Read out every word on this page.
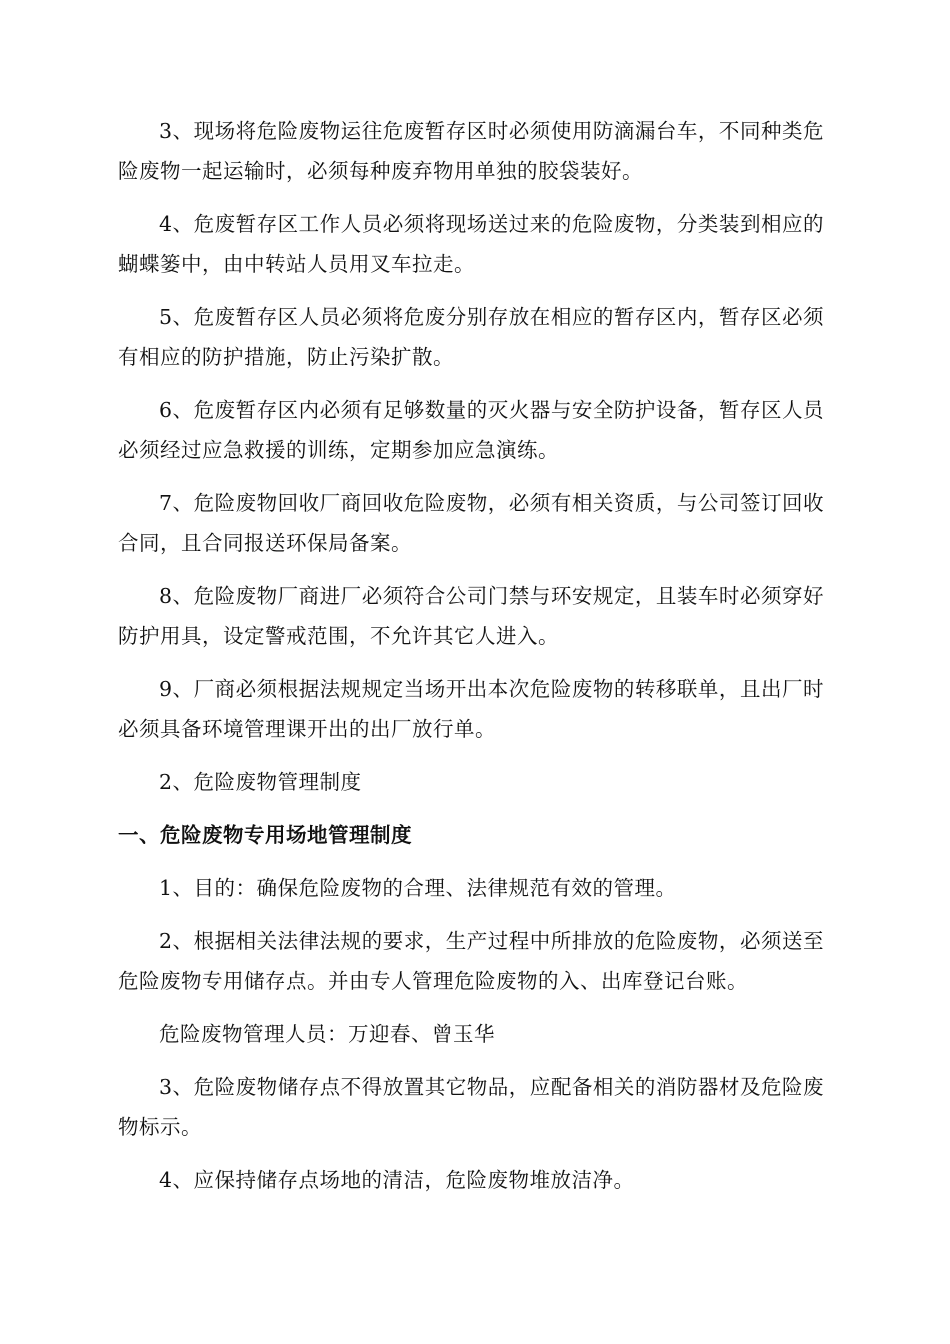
3、现场将危险废物运往危废暂存区时必须使用防滴漏台车，不同种类危险废物一起运输时，必须每种废弃物用单独的胶袋装好。

4、危废暂存区工作人员必须将现场送过来的危险废物，分类装到相应的蝴蝶篓中，由中转站人员用叉车拉走。

5、危废暂存区人员必须将危废分别存放在相应的暂存区内，暂存区必须有相应的防护措施，防止污染扩散。

6、危废暂存区内必须有足够数量的灭火器与安全防护设备，暂存区人员必须经过应急救援的训练，定期参加应急演练。

7、危险废物回收厂商回收危险废物，必须有相关资质，与公司签订回收合同，且合同报送环保局备案。

8、危险废物厂商进厂必须符合公司门禁与环安规定，且装车时必须穿好防护用具，设定警戒范围，不允许其它人进入。

9、厂商必须根据法规规定当场开出本次危险废物的转移联单，且出厂时必须具备环境管理课开出的出厂放行单。

2、危险废物管理制度

一、危险废物专用场地管理制度

1、目的：确保危险废物的合理、法律规范有效的管理。

2、根据相关法律法规的要求，生产过程中所排放的危险废物，必须送至危险废物专用储存点。并由专人管理危险废物的入、出库登记台账。

危险废物管理人员：万迎春、曾玉华

3、危险废物储存点不得放置其它物品，应配备相关的消防器材及危险废物标示。

4、应保持储存点场地的清洁，危险废物堆放洁净。
